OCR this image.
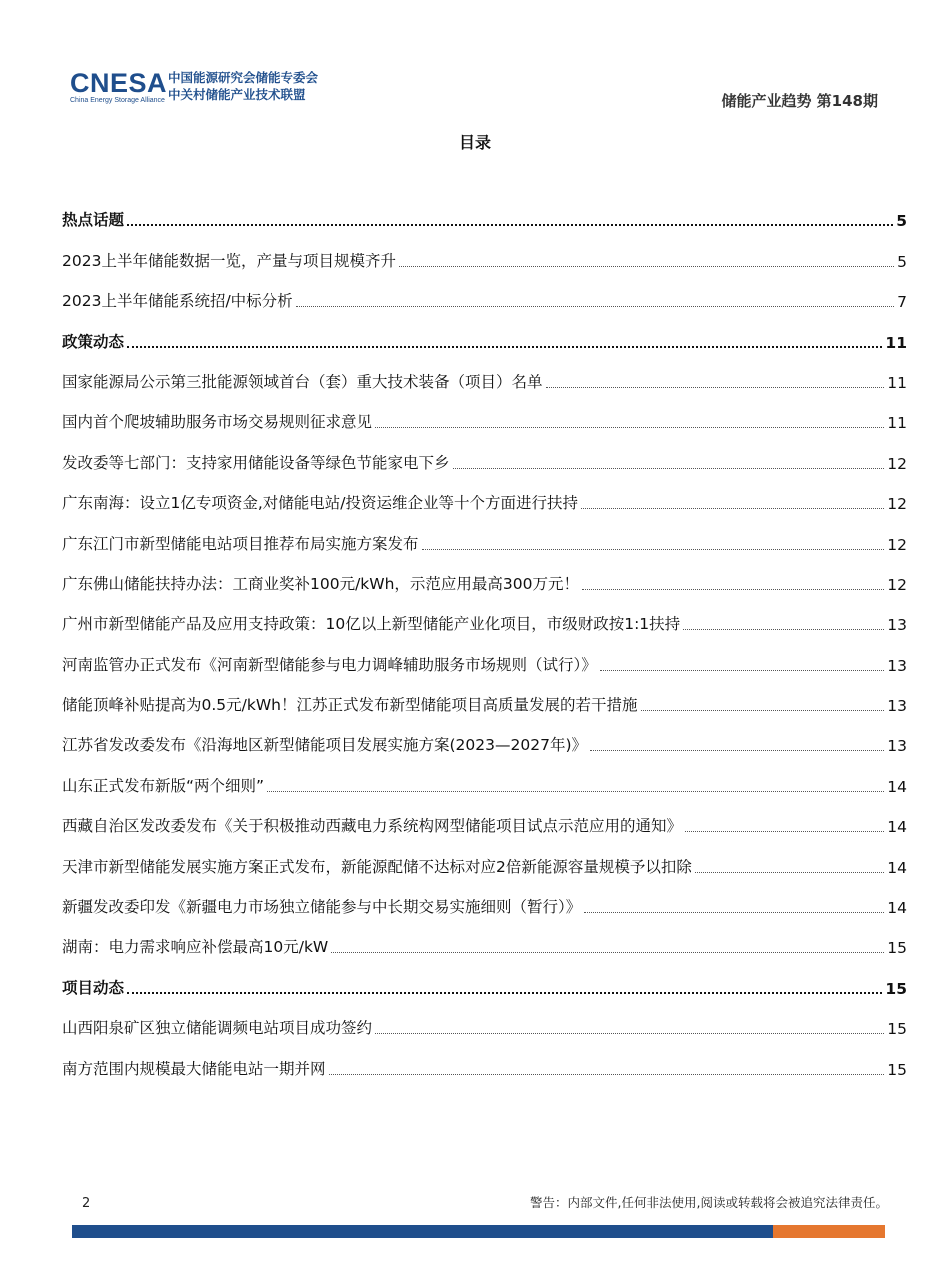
CNESA
China Energy Storage Alliance
中国能源研究会储能专委会
中关村储能产业技术联盟	储能产业趋势 第148期
目录
热点话题	5
2023上半年储能数据一览，产量与项目规模齐升	5
2023上半年储能系统招/中标分析	7
政策动态	11
国家能源局公示第三批能源领域首台（套）重大技术装备（项目）名单	11
国内首个爬坡辅助服务市场交易规则征求意见	11
发改委等七部门：支持家用储能设备等绿色节能家电下乡	12
广东南海：设立1亿专项资金,对储能电站/投资运维企业等十个方面进行扶持	12
广东江门市新型储能电站项目推荐布局实施方案发布	12
广东佛山储能扶持办法：工商业奖补100元/kWh，示范应用最高300万元！	12
广州市新型储能产品及应用支持政策：10亿以上新型储能产业化项目，市级财政按1:1扶持	13
河南监管办正式发布《河南新型储能参与电力调峰辅助服务市场规则（试行）》	13
储能顶峰补贴提高为0.5元/kWh！江苏正式发布新型储能项目高质量发展的若干措施	13
江苏省发改委发布《沿海地区新型储能项目发展实施方案(2023—2027年)》	13
山东正式发布新版“两个细则”	14
西藏自治区发改委发布《关于积极推动西藏电力系统构网型储能项目试点示范应用的通知》	14
天津市新型储能发展实施方案正式发布，新能源配储不达标对应2倍新能源容量规模予以扣除	14
新疆发改委印发《新疆电力市场独立储能参与中长期交易实施细则（暂行）》	14
湖南：电力需求响应补偿最高10元/kW	15
项目动态	15
山西阳泉矿区独立储能调频电站项目成功签约	15
南方范围内规模最大储能电站一期并网	15
2	警告：内部文件,任何非法使用,阅读或转载将会被追究法律责任。
